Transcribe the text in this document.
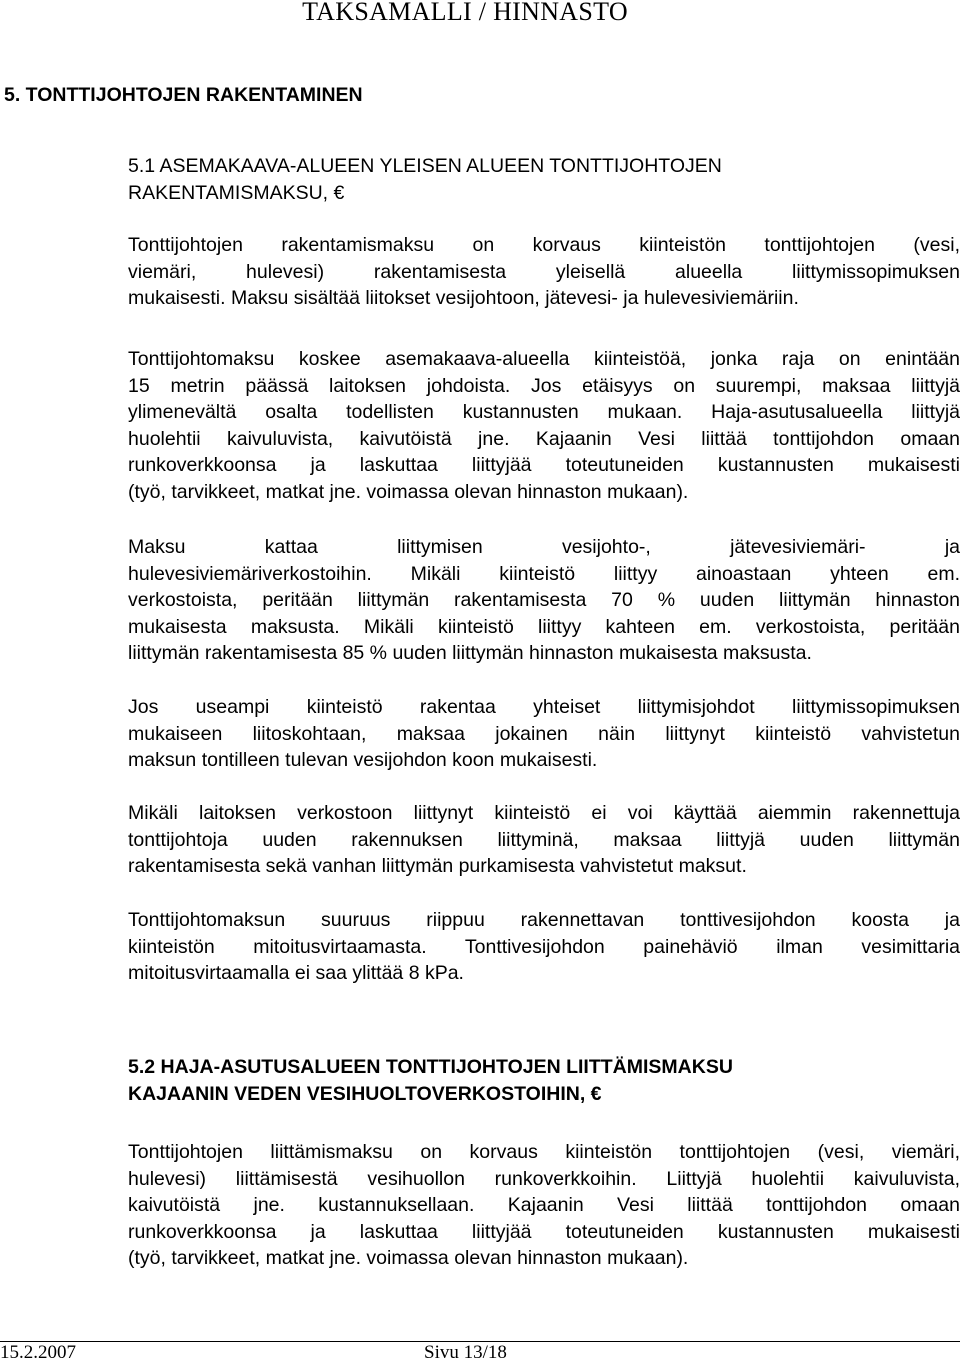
TAKSAMALLI / HINNASTO
5. TONTTIJOHTOJEN RAKENTAMINEN
5.1 ASEMAKAAVA-ALUEEN YLEISEN ALUEEN TONTTIJOHTOJEN
RAKENTAMISMAKSU, €
Tonttijohtojen rakentamismaksu on korvaus kiinteistön tonttijohtojen (vesi,
viemäri, hulevesi) rakentamisesta yleisellä alueella liittymissopimuksen
mukaisesti. Maksu sisältää liitokset vesijohtoon, jätevesi- ja hulevesiviemäriin.
Tonttijohtomaksu koskee asemakaava-alueella kiinteistöä, jonka raja on enintään
15 metrin päässä laitoksen johdoista. Jos etäisyys on suurempi, maksaa liittyjä
ylimenevältä osalta todellisten kustannusten mukaan. Haja-asutusalueella liittyjä
huolehtii kaivuluvista, kaivutöistä jne. Kajaanin Vesi liittää tonttijohdon omaan
runkoverkkoonsa ja laskuttaa liittyjää toteutuneiden kustannusten mukaisesti
(työ, tarvikkeet, matkat jne. voimassa olevan hinnaston mukaan).
Maksu kattaa liittymisen vesijohto-, jätevesiviemäri- ja
hulevesiviemäriverkostoihin. Mikäli kiinteistö liittyy ainoastaan yhteen em.
verkostoista, peritään liittymän rakentamisesta 70 % uuden liittymän hinnaston
mukaisesta maksusta. Mikäli kiinteistö liittyy kahteen em. verkostoista, peritään
liittymän rakentamisesta 85 % uuden liittymän hinnaston mukaisesta maksusta.
Jos useampi kiinteistö rakentaa yhteiset liittymisjohdot liittymissopimuksen
mukaiseen liitoskohtaan, maksaa jokainen näin liittynyt kiinteistö vahvistetun
maksun tontilleen tulevan vesijohdon koon mukaisesti.
Mikäli laitoksen verkostoon liittynyt kiinteistö ei voi käyttää aiemmin rakennettuja
tonttijohtoja uuden rakennuksen liittyminä, maksaa liittyjä uuden liittymän
rakentamisesta sekä vanhan liittymän purkamisesta vahvistetut maksut.
Tonttijohtomaksun suuruus riippuu rakennettavan tonttivesijohdon koosta ja
kiinteistön mitoitusvirtaamasta. Tonttivesijohdon painehäviö ilman vesimittaria
mitoitusvirtaamalla ei saa ylittää 8 kPa.
5.2 HAJA-ASUTUSALUEEN TONTTIJOHTOJEN LIITTÄMISMAKSU
KAJAANIN VEDEN VESIHUOLTOVERKOSTOIHIN, €
Tonttijohtojen liittämismaksu on korvaus kiinteistön tonttijohtojen (vesi, viemäri,
hulevesi) liittämisestä vesihuollon runkoverkkoihin. Liittyjä huolehtii kaivuluvista,
kaivutöistä jne. kustannuksellaan. Kajaanin Vesi liittää tonttijohdon omaan
runkoverkkoonsa ja laskuttaa liittyjää toteutuneiden kustannusten mukaisesti
(työ, tarvikkeet, matkat jne. voimassa olevan hinnaston mukaan).
15.2.2007	Sivu 13/18
